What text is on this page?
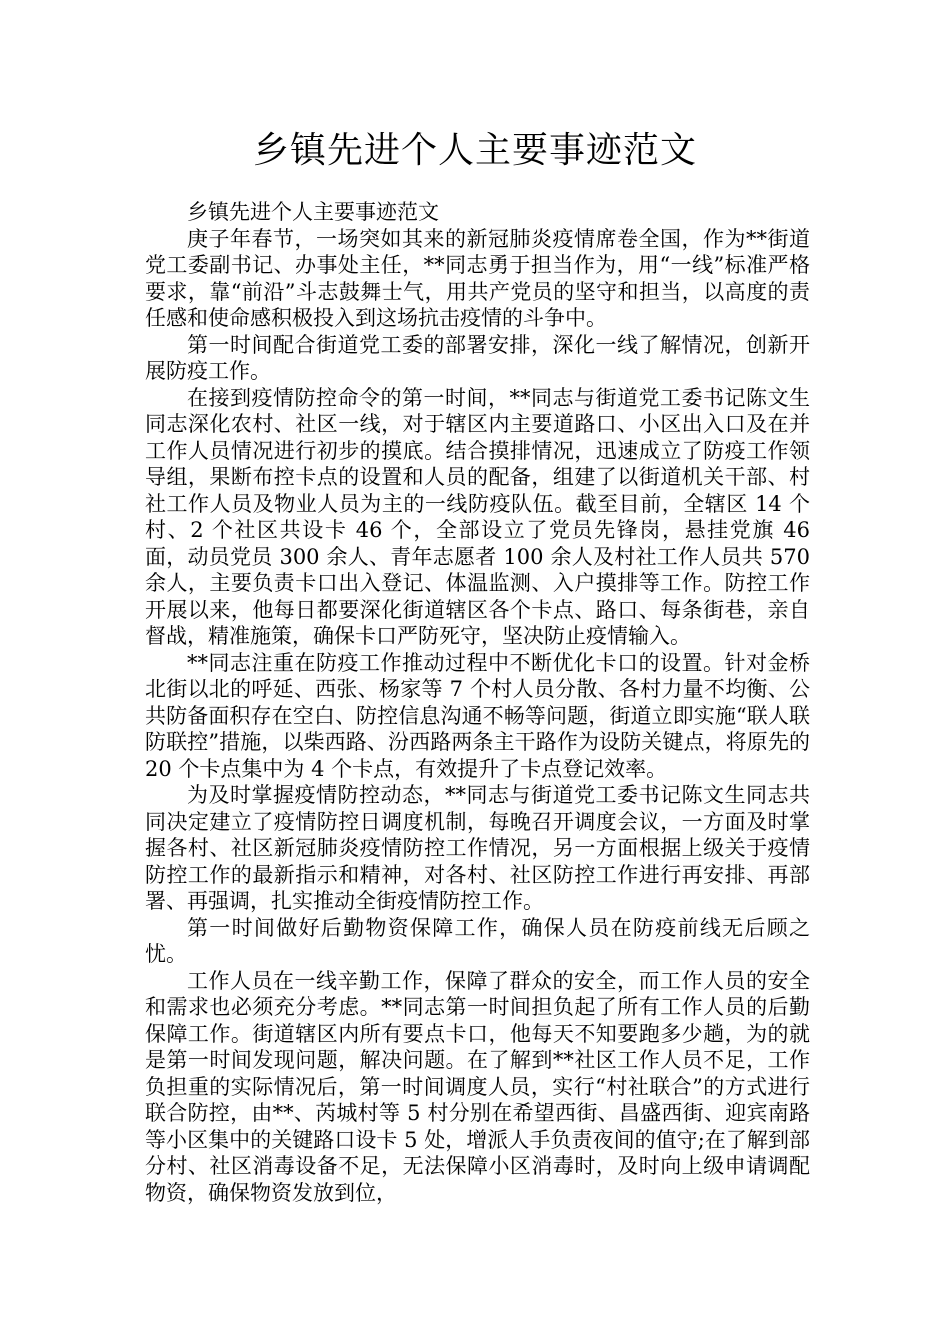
乡镇先进个人主要事迹范文

乡镇先进个人主要事迹范文

庚子年春节，一场突如其来的新冠肺炎疫情席卷全国，作为**街道党工委副书记、办事处主任，**同志勇于担当作为，用“一线”标准严格要求，靠“前沿”斗志鼓舞士气，用共产党员的坚守和担当，以高度的责任感和使命感积极投入到这场抗击疫情的斗争中。

第一时间配合街道党工委的部署安排，深化一线了解情况，创新开展防疫工作。

在接到疫情防控命令的第一时间，**同志与街道党工委书记陈文生同志深化农村、社区一线，对于辖区内主要道路口、小区出入口及在并工作人员情况进行初步的摸底。结合摸排情况，迅速成立了防疫工作领导组，果断布控卡点的设置和人员的配备，组建了以街道机关干部、村社工作人员及物业人员为主的一线防疫队伍。截至目前，全辖区 14 个村、2 个社区共设卡 46 个，全部设立了党员先锋岗，悬挂党旗 46 面，动员党员 300 余人、青年志愿者 100 余人及村社工作人员共 570 余人，主要负责卡口出入登记、体温监测、入户摸排等工作。防控工作开展以来，他每日都要深化街道辖区各个卡点、路口、每条街巷，亲自督战，精准施策，确保卡口严防死守，坚决防止疫情输入。

**同志注重在防疫工作推动过程中不断优化卡口的设置。针对金桥北街以北的呼延、西张、杨家等 7 个村人员分散、各村力量不均衡、公共防备面积存在空白、防控信息沟通不畅等问题，街道立即实施“联人联防联控”措施，以柴西路、汾西路两条主干路作为设防关键点，将原先的 20 个卡点集中为 4 个卡点，有效提升了卡点登记效率。

为及时掌握疫情防控动态，**同志与街道党工委书记陈文生同志共同决定建立了疫情防控日调度机制，每晚召开调度会议，一方面及时掌握各村、社区新冠肺炎疫情防控工作情况，另一方面根据上级关于疫情防控工作的最新指示和精神，对各村、社区防控工作进行再安排、再部署、再强调，扎实推动全街疫情防控工作。

第一时间做好后勤物资保障工作，确保人员在防疫前线无后顾之忧。

工作人员在一线辛勤工作，保障了群众的安全，而工作人员的安全和需求也必须充分考虑。**同志第一时间担负起了所有工作人员的后勤保障工作。街道辖区内所有要点卡口，他每天不知要跑多少趟，为的就是第一时间发现问题，解决问题。在了解到**社区工作人员不足，工作负担重的实际情况后，第一时间调度人员，实行“村社联合”的方式进行联合防控，由**、芮城村等 5 村分别在希望西街、昌盛西街、迎宾南路等小区集中的关键路口设卡 5 处，增派人手负责夜间的值守;在了解到部分村、社区消毒设备不足，无法保障小区消毒时，及时向上级申请调配物资，确保物资发放到位，
